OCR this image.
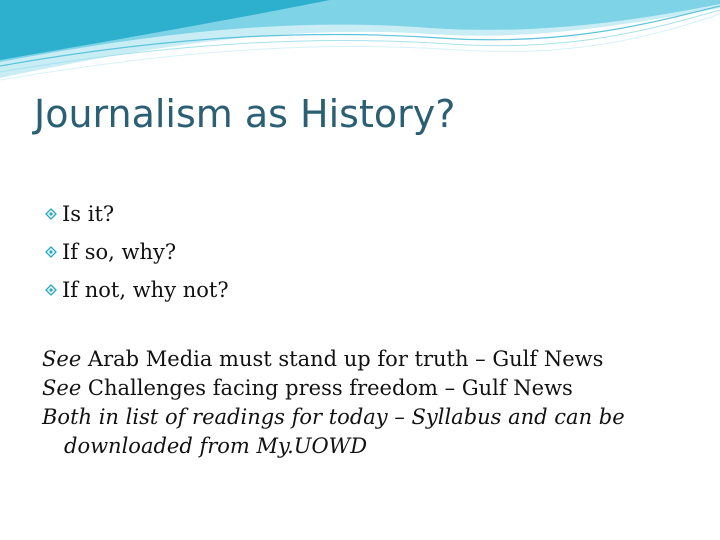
Journalism as History?
Is it?
If so, why?
If not, why not?
See Arab Media must stand up for truth – Gulf News
See Challenges facing press freedom – Gulf News
Both in list of readings for today – Syllabus and can be
downloaded from My.UOWD
